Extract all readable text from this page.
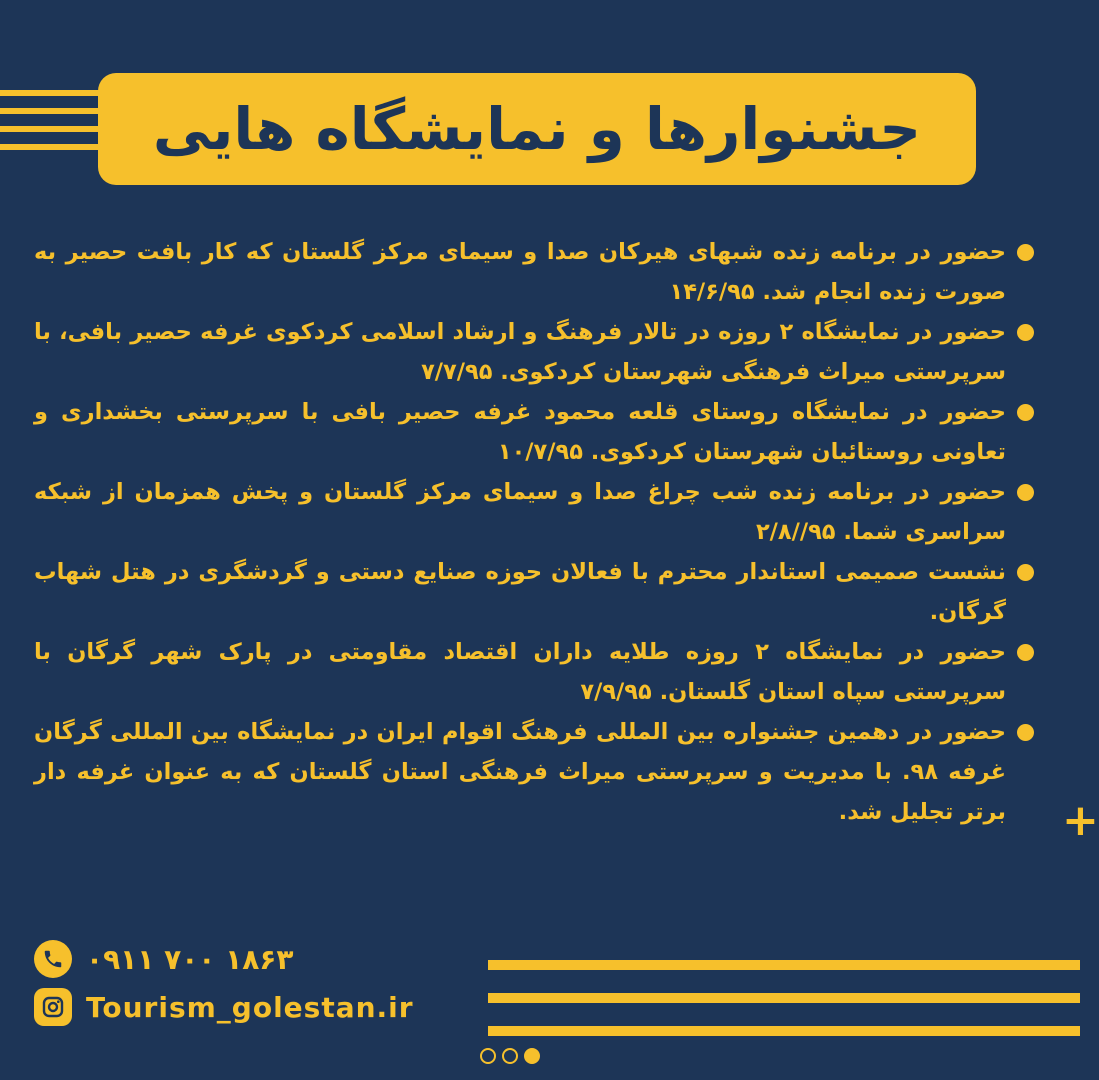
جشنوارها و نمایشگاه هایی
حضور در برنامه زنده شبهای هیرکان صدا و سیمای مرکز گلستان که کار بافت حصیر به صورت زنده انجام شد. ۱۴/۶/۹۵
حضور در نمایشگاه ۲ روزه در تالار فرهنگ و ارشاد اسلامی کردکوی غرفه حصیر بافی، با سرپرستی میراث فرهنگی شهرستان کردکوی. ۷/۷/۹۵
حضور در نمایشگاه روستای قلعه محمود غرفه حصیر بافی با سرپرستی بخشداری و تعاونی روستائیان شهرستان کردکوی. ۱۰/۷/۹۵
حضور در برنامه زنده شب چراغ صدا و سیمای مرکز گلستان و پخش همزمان از شبکه سراسری شما. ۹۵//۲/۸
نشست صمیمی استاندار محترم با فعالان حوزه صنایع دستی و گردشگری در هتل شهاب گرگان.
حضور در نمایشگاه ۲ روزه طلایه داران اقتصاد مقاومتی در پارک شهر گرگان با سرپرستی سپاه استان گلستان. ۷/۹/۹۵
حضور در دهمین جشنواره بین المللی فرهنگ اقوام ایران در نمایشگاه بین المللی گرگان غرفه ۹۸. با مدیریت و سرپرستی میراث فرهنگی استان گلستان که به عنوان غرفه دار برتر تجلیل شد.	+
۰۹۱۱ ۷۰۰ ۱۸۶۳
Tourism_golestan.ir
